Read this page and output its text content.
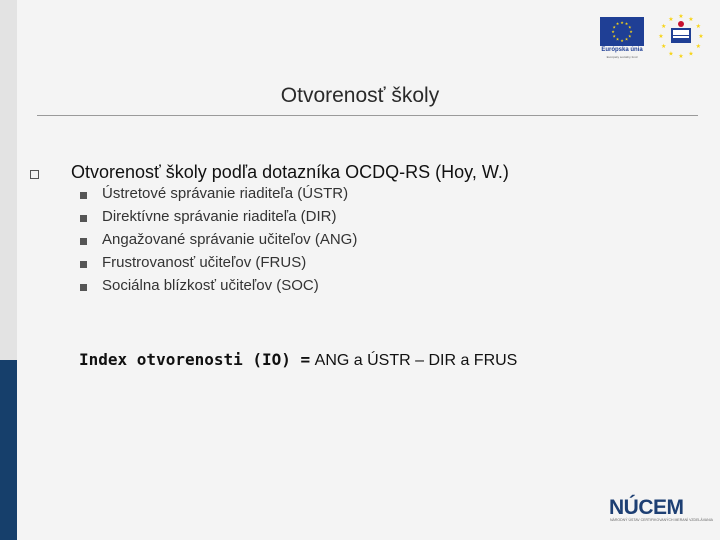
★
★
★
★
★
★
★
★
★ ★ ★
★
Európska únia
Európsky sociálny fond
★
★
★
★
★
★
★
★
★ ★ ★
★
Otvorenosť školy
Otvorenosť školy podľa dotazníka OCDQ-RS (Hoy, W.)
Ústretové správanie riaditeľa (ÚSTR)
Direktívne správanie riaditeľa (DIR)
Angažované správanie učiteľov (ANG)
Frustrovanosť učiteľov (FRUS)
Sociálna blízkosť učiteľov (SOC)
Index otvorenosti (IO) = ANG a ÚSTR – DIR a FRUS
NÚCEM
NÁRODNÝ ÚSTAV CERTIFIKOVANÝCH MERANÍ VZDELÁVANIA
